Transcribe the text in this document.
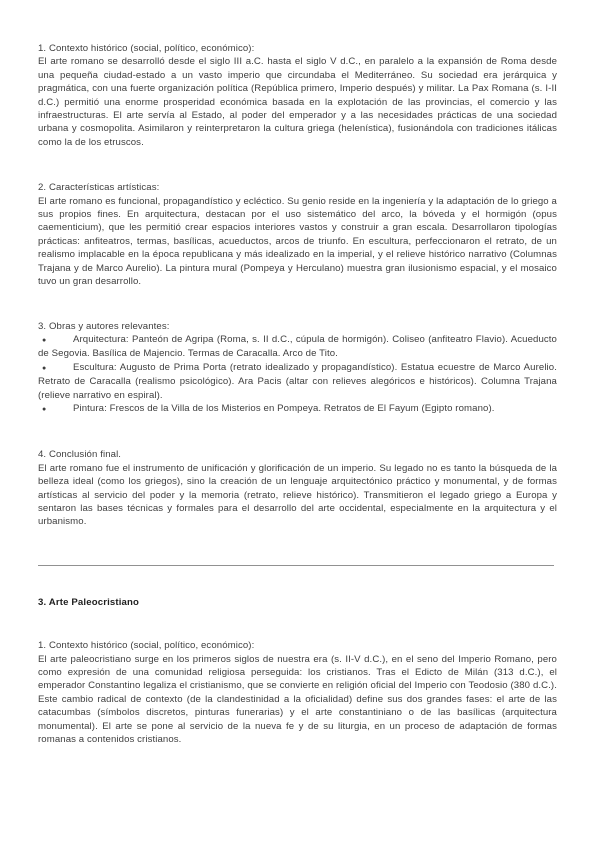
1. Contexto histórico (social, político, económico):

El arte romano se desarrolló desde el siglo III a.C. hasta el siglo V d.C., en paralelo a la expansión de Roma desde una pequeña ciudad-estado a un vasto imperio que circundaba el Mediterráneo. Su sociedad era jerárquica y pragmática, con una fuerte organización política (República primero, Imperio después) y militar. La Pax Romana (s. I-II d.C.) permitió una enorme prosperidad económica basada en la explotación de las provincias, el comercio y las infraestructuras. El arte servía al Estado, al poder del emperador y a las necesidades prácticas de una sociedad urbana y cosmopolita. Asimilaron y reinterpretaron la cultura griega (helenística), fusionándola con tradiciones itálicas como la de los etruscos.

2. Características artísticas:

El arte romano es funcional, propagandístico y ecléctico. Su genio reside en la ingeniería y la adaptación de lo griego a sus propios fines. En arquitectura, destacan por el uso sistemático del arco, la bóveda y el hormigón (opus caementicium), que les permitió crear espacios interiores vastos y construir a gran escala. Desarrollaron tipologías prácticas: anfiteatros, termas, basílicas, acueductos, arcos de triunfo. En escultura, perfeccionaron el retrato, de un realismo implacable en la época republicana y más idealizado en la imperial, y el relieve histórico narrativo (Columnas Trajana y de Marco Aurelio). La pintura mural (Pompeya y Herculano) muestra gran ilusionismo espacial, y el mosaico tuvo un gran desarrollo.

3. Obras y autores relevantes:

●	Arquitectura: Panteón de Agripa (Roma, s. II d.C., cúpula de hormigón). Coliseo (anfiteatro Flavio). Acueducto de Segovia. Basílica de Majencio. Termas de Caracalla. Arco de Tito.

●	Escultura: Augusto de Prima Porta (retrato idealizado y propagandístico). Estatua ecuestre de Marco Aurelio. Retrato de Caracalla (realismo psicológico). Ara Pacis (altar con relieves alegóricos e históricos). Columna Trajana (relieve narrativo en espiral).

●	Pintura: Frescos de la Villa de los Misterios en Pompeya. Retratos de El Fayum (Egipto romano).

4. Conclusión final.

El arte romano fue el instrumento de unificación y glorificación de un imperio. Su legado no es tanto la búsqueda de la belleza ideal (como los griegos), sino la creación de un lenguaje arquitectónico práctico y monumental, y de formas artísticas al servicio del poder y la memoria (retrato, relieve histórico). Transmitieron el legado griego a Europa y sentaron las bases técnicas y formales para el desarrollo del arte occidental, especialmente en la arquitectura y el urbanismo.

3. Arte Paleocristiano

1. Contexto histórico (social, político, económico):

El arte paleocristiano surge en los primeros siglos de nuestra era (s. II-V d.C.), en el seno del Imperio Romano, pero como expresión de una comunidad religiosa perseguida: los cristianos. Tras el Edicto de Milán (313 d.C.), el emperador Constantino legaliza el cristianismo, que se convierte en religión oficial del Imperio con Teodosio (380 d.C.). Este cambio radical de contexto (de la clandestinidad a la oficialidad) define sus dos grandes fases: el arte de las catacumbas (símbolos discretos, pinturas funerarias) y el arte constantiniano o de las basílicas (arquitectura monumental). El arte se pone al servicio de la nueva fe y de su liturgia, en un proceso de adaptación de formas romanas a contenidos cristianos.
